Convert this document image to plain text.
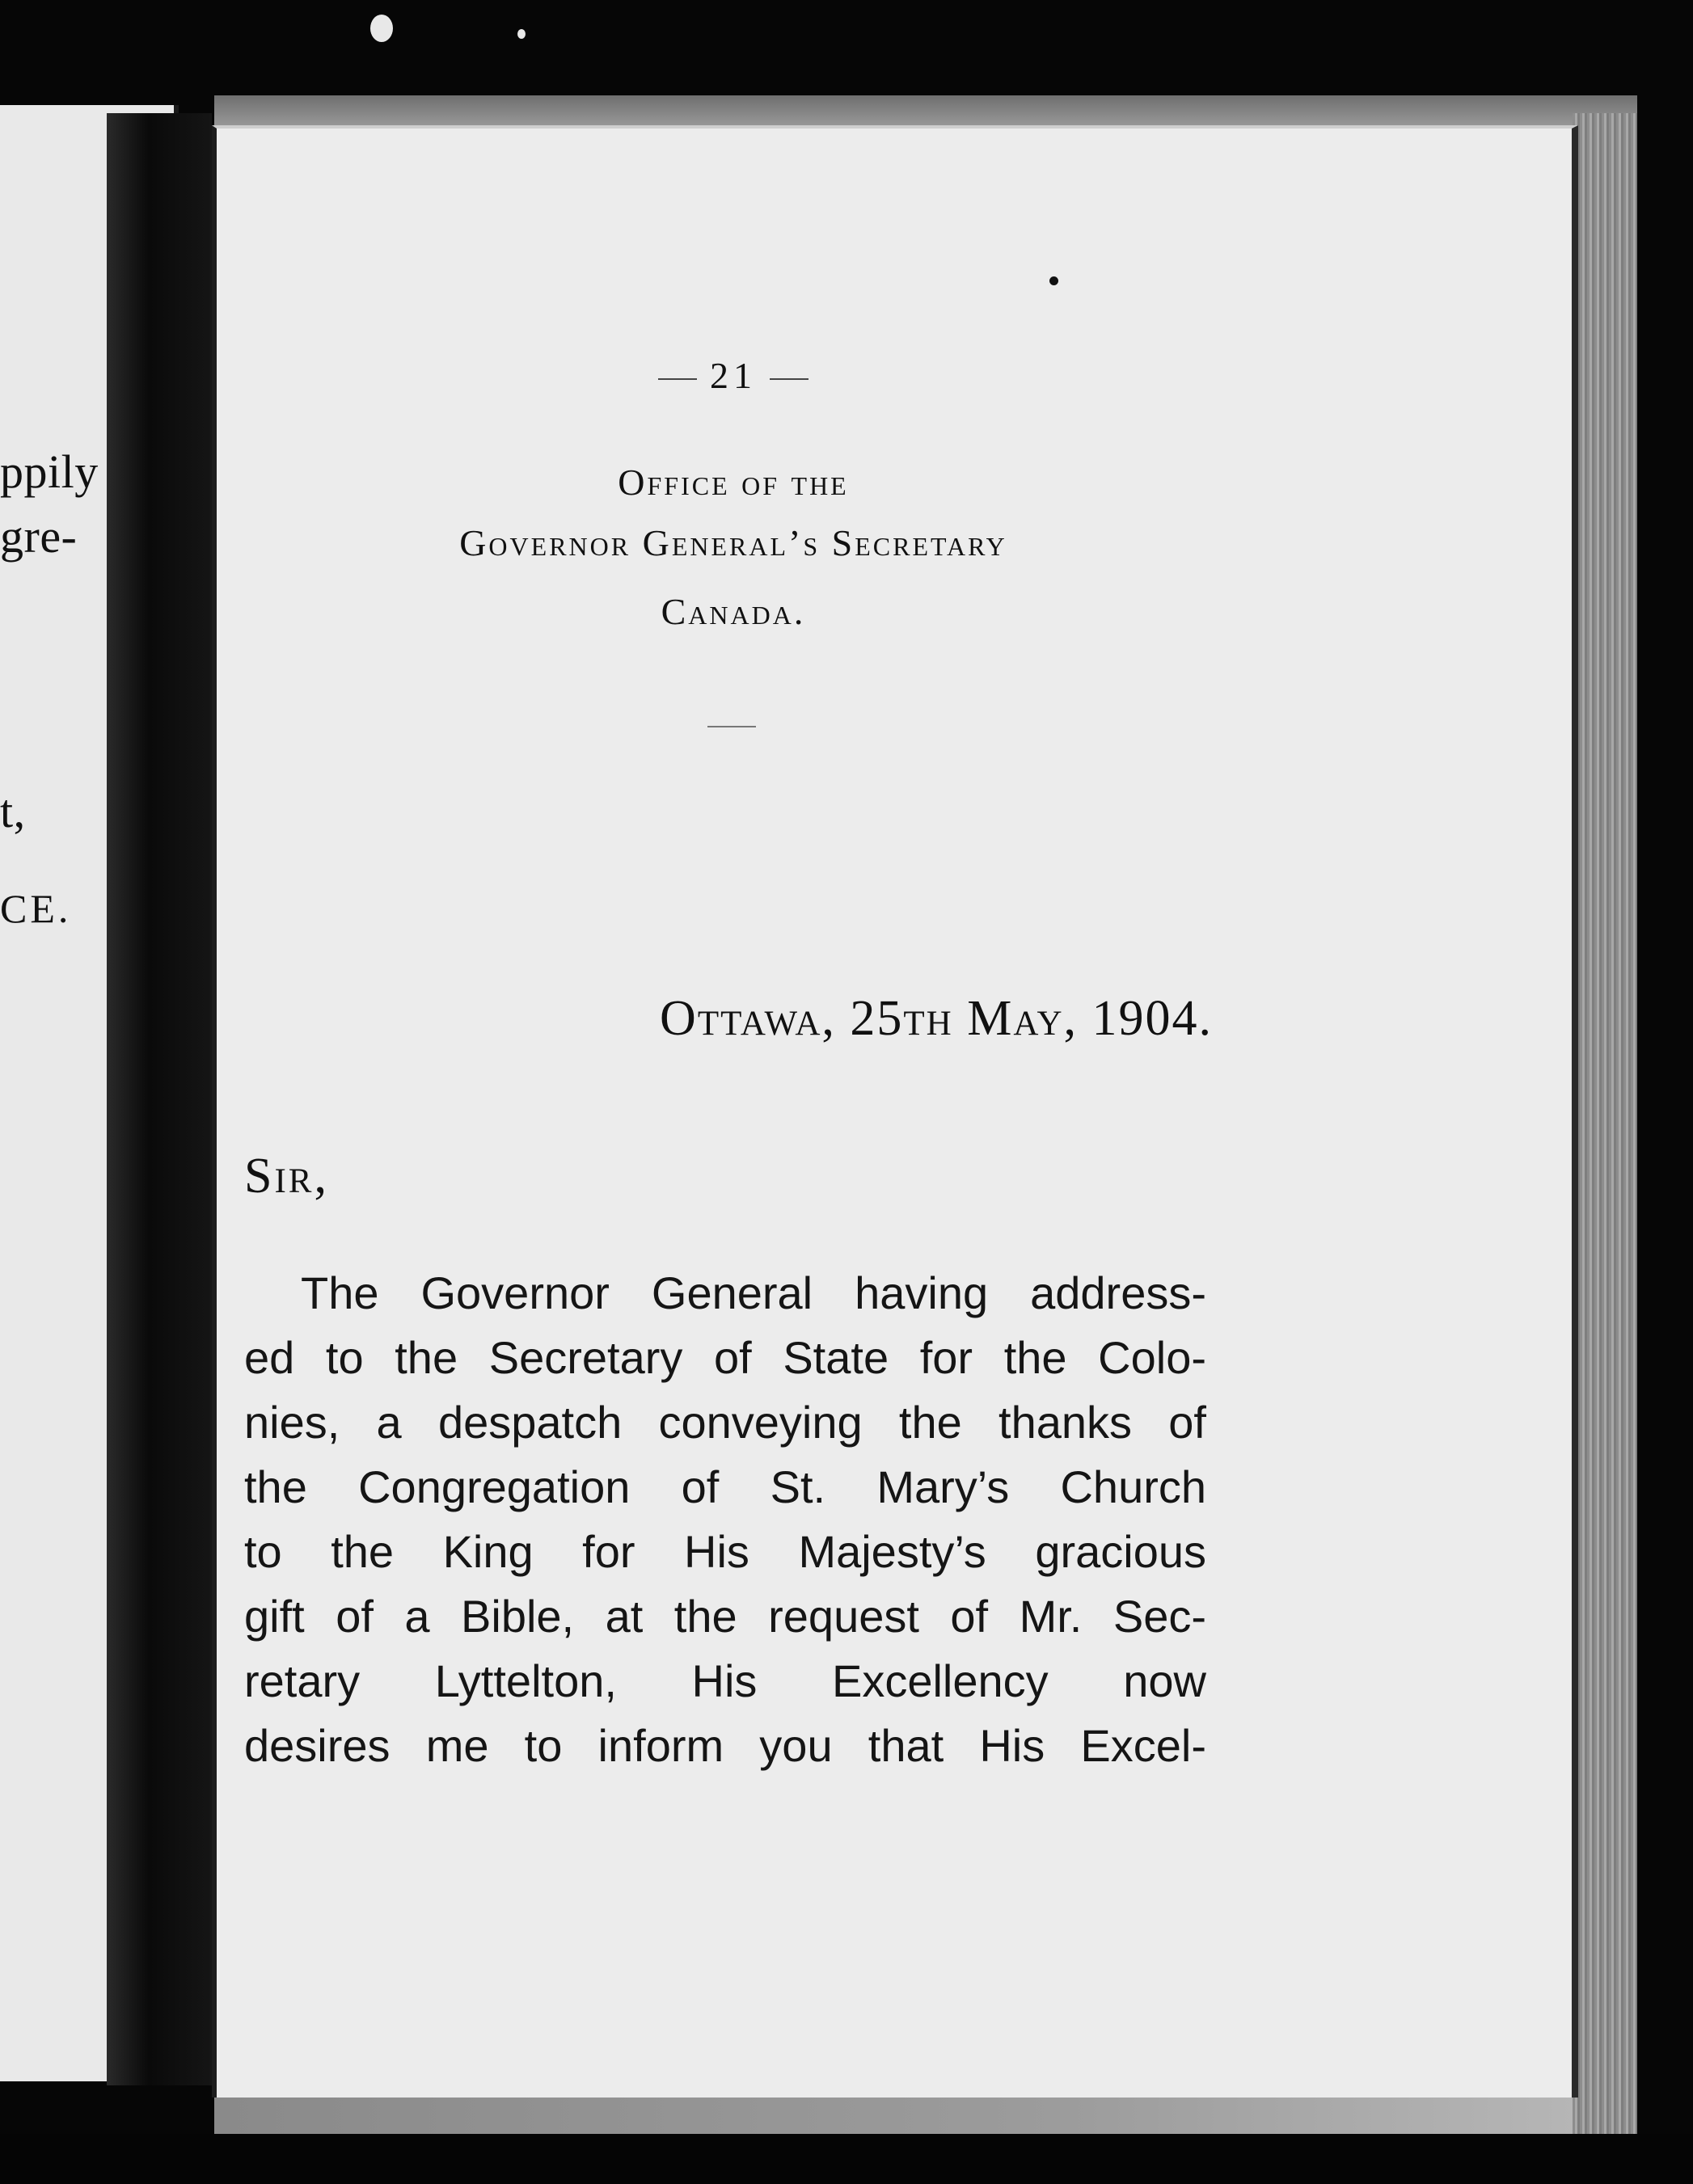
ppily
gre-
t,
CE.
21
Office of the
Governor General’s Secretary
Canada.
Ottawa, 25th May, 1904.
Sir,
The Governor General having address-
ed to the Secretary of State for the Colo-
nies, a despatch conveying the thanks of
the Congregation of St. Mary’s Church
to the King for His Majesty’s gracious
gift of a Bible, at the request of Mr. Sec-
retary Lyttelton, His Excellency now
desires me to inform you that His Excel-
